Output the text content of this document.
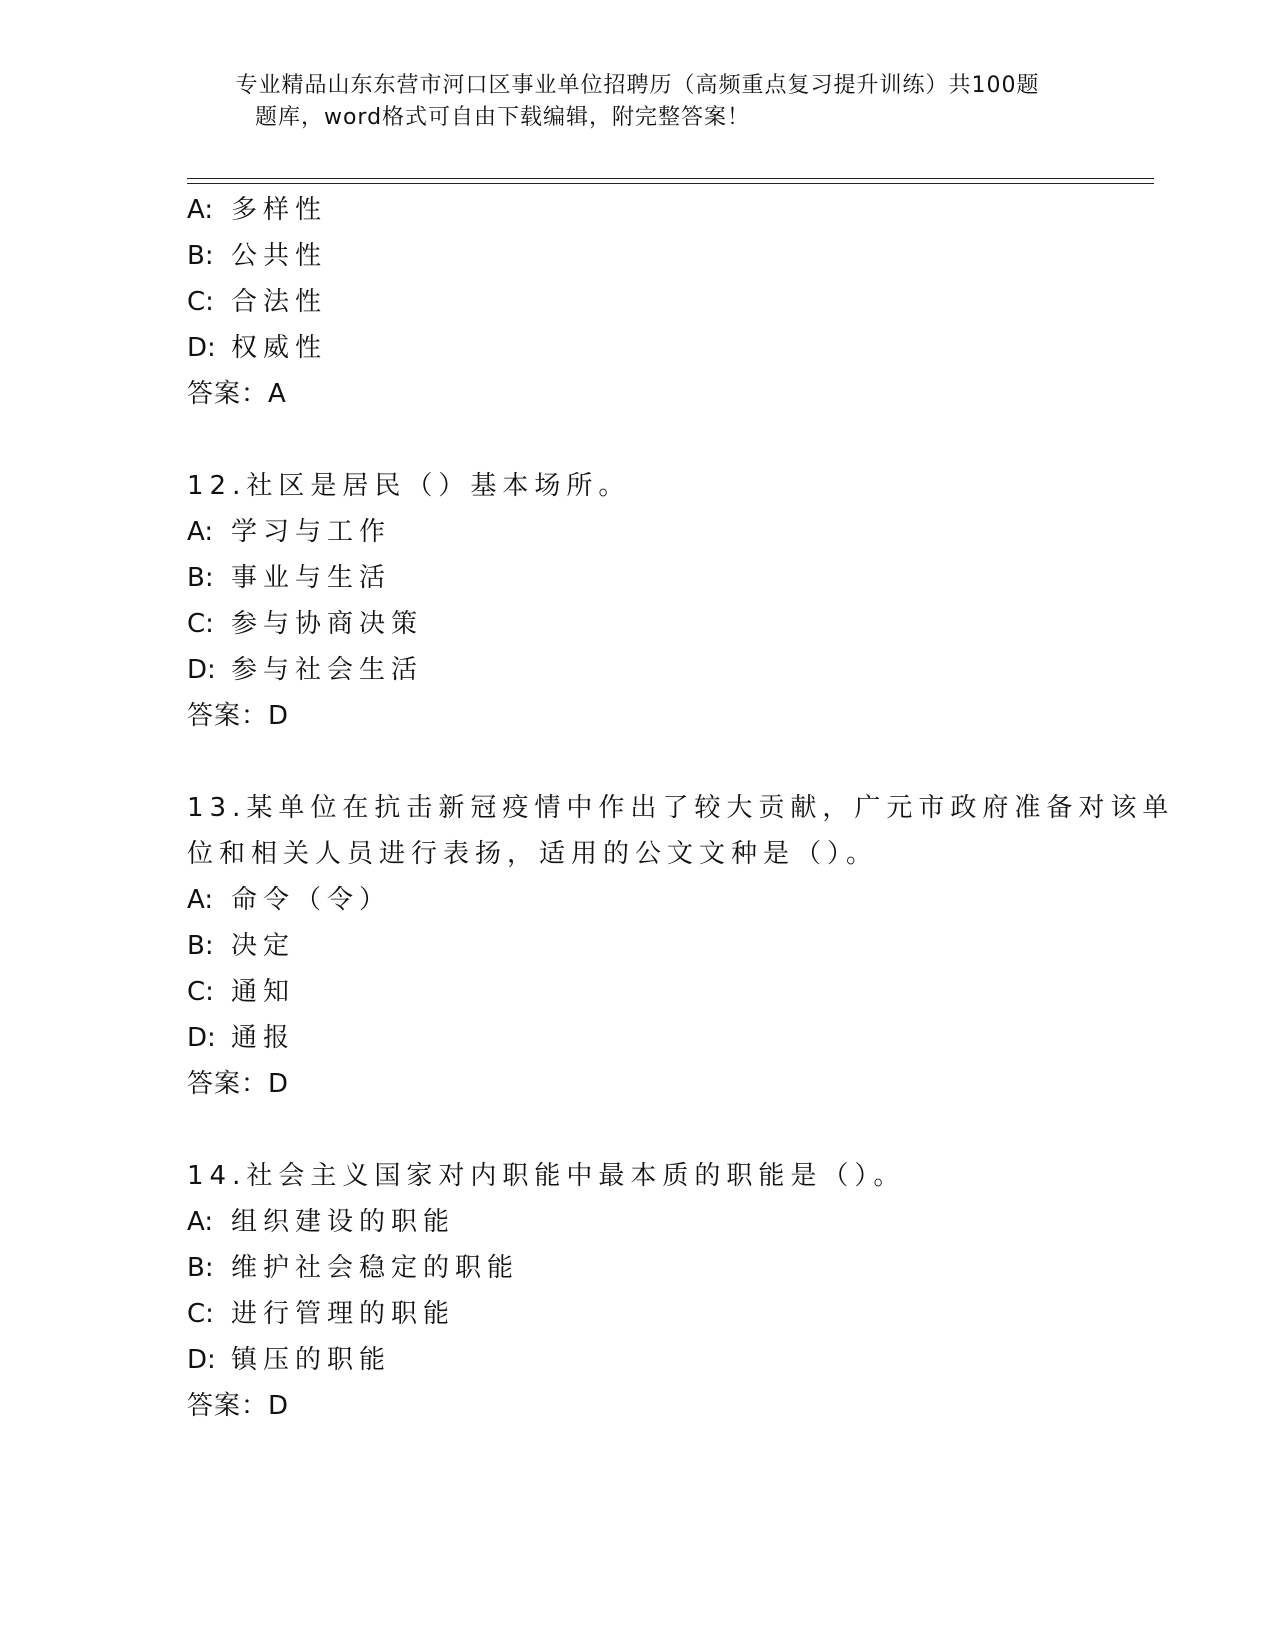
专业精品山东东营市河口区事业单位招聘历（高频重点复习提升训练）共100题

题库，word格式可自由下载编辑，附完整答案！
A: 多样性
B: 公共性
C: 合法性
D: 权威性
答案：A
12.社区是居民（）基本场所。
A: 学习与工作
B: 事业与生活
C: 参与协商决策
D: 参与社会生活
答案：D
13.某单位在抗击新冠疫情中作出了较大贡献，广元市政府准备对该单
位和相关人员进行表扬，适用的公文文种是（）。
A: 命令（令）
B: 决定
C: 通知
D: 通报
答案：D
14.社会主义国家对内职能中最本质的职能是（）。
A: 组织建设的职能
B: 维护社会稳定的职能
C: 进行管理的职能
D: 镇压的职能
答案：D
